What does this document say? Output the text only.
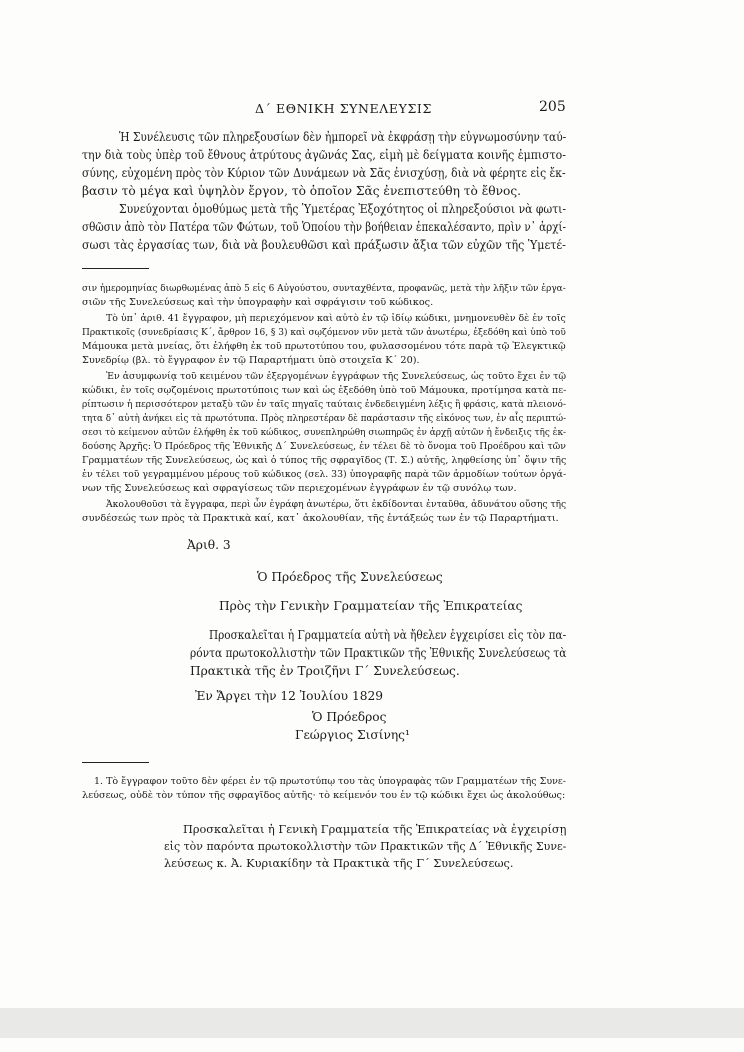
Δ΄ ΕΘΝΙΚΗ ΣΥΝΕΛΕΥΣΙΣ	205
Ἡ Συνέλευσις τῶν πληρεξουσίων δὲν ἠμπορεῖ νὰ ἐκφράσῃ τὴν εὐγνωμοσύνην ταύ-
την διὰ τοὺς ὑπὲρ τοῦ ἔθνους ἀτρύτους ἀγῶνάς Σας, εἰμὴ μὲ δείγματα κοινῆς ἐμπιστο-
σύνης, εὐχομένη πρὸς τὸν Κύριον τῶν Δυνάμεων νὰ Σᾶς ἐνισχύσῃ, διὰ νὰ φέρητε εἰς ἔκ-
βασιν τὸ μέγα καὶ ὑψηλὸν ἔργον, τὸ ὁποῖον Σᾶς ἐνεπιστεύθη τὸ ἔθνος.
Συνεύχονται ὁμοθύμως μετὰ τῆς Ὑμετέρας Ἐξοχότητος οἱ πληρεξούσιοι νὰ φωτι-
σθῶσιν ἀπὸ τὸν Πατέρα τῶν Φώτων, τοῦ Ὁποίου τὴν βοήθειαν ἐπεκαλέσαντο, πρὶν ν᾽ ἀρχί-
σωσι τὰς ἐργασίας των, διὰ νὰ βουλευθῶσι καὶ πράξωσιν ἄξια τῶν εὐχῶν τῆς Ὑμετέ-
σιν ἡμερομηνίας διωρθωμένας ἀπὸ 5 εἰς 6 Αὐγούστου, συνταχθέντα, προφανῶς, μετὰ τὴν λῆξιν τῶν ἐργα-
σιῶν τῆς Συνελεύσεως καὶ τὴν ὑπογραφὴν καὶ σφράγισιν τοῦ κώδικος.
Τὸ ὑπ᾽ ἀριθ. 41 ἔγγραφον, μὴ περιεχόμενον καὶ αὐτὸ ἐν τῷ ἰδίῳ κώδικι, μνημονευθὲν δὲ ἐν τοῖς
Πρακτικοῖς (συνεδρίασις Κ΄, ἄρθρον 16, § 3) καὶ σῳζόμενον νῦν μετὰ τῶν ἀνωτέρω, ἐξεδόθη καὶ ὑπὸ τοῦ
Μάμουκα μετὰ μνείας, ὅτι ἐλήφθη ἐκ τοῦ πρωτοτύπου του, φυλασσομένου τότε παρὰ τῷ Ἐλεγκτικῷ
Συνεδρίῳ (βλ. τὸ ἔγγραφον ἐν τῷ Παραρτήματι ὑπὸ στοιχεῖα Κ΄ 20).
Ἐν ἀσυμφωνίᾳ τοῦ κειμένου τῶν ἐξεργομένων ἐγγράφων τῆς Συνελεύσεως, ὡς τοῦτο ἔχει ἐν τῷ
κώδικι, ἐν τοῖς σῳζομένοις πρωτοτύποις των καὶ ὡς ἐξεδόθη ὑπὸ τοῦ Μάμουκα, προτίμησα κατὰ πε-
ρίπτωσιν ἡ περισσότερον μεταξὺ τῶν ἐν ταῖς πηγαῖς ταύταις ἐνδεδειγμένη λέξις ἢ φράσις, κατὰ πλειονό-
τητα δ᾽ αὐτὴ ἀνήκει εἰς τὰ πρωτότυπα. Πρὸς πληρεστέραν δὲ παράστασιν τῆς εἰκόνος των, ἐν αἷς περιπτώ-
σεσι τὸ κείμενον αὐτῶν ἐλήφθη ἐκ τοῦ κώδικος, συνεπληρώθη σιωπηρῶς ἐν ἀρχῇ αὐτῶν ἡ ἔνδειξις τῆς ἐκ-
δούσης Ἀρχῆς: Ὁ Πρόεδρος τῆς Ἐθνικῆς Δ΄ Συνελεύσεως, ἐν τέλει δὲ τὸ ὄνομα τοῦ Προέδρου καὶ τῶν
Γραμματέων τῆς Συνελεύσεως, ὡς καὶ ὁ τύπος τῆς σφραγῖδος (Τ. Σ.) αὐτῆς, ληφθείσης ὑπ᾽ ὄψιν τῆς
ἐν τέλει τοῦ γεγραμμένου μέρους τοῦ κώδικος (σελ. 33) ὑπογραφῆς παρὰ τῶν ἁρμοδίων τούτων ὀργά-
νων τῆς Συνελεύσεως καὶ σφραγίσεως τῶν περιεχομένων ἐγγράφων ἐν τῷ συνόλῳ των.
Ἀκολουθοῦσι τὰ ἔγγραφα, περὶ ὧν ἐγράφη ἀνωτέρω, ὅτι ἐκδίδονται ἐνταῦθα, ἀδυνάτου οὔσης τῆς
συνδέσεώς των πρὸς τὰ Πρακτικὰ καί, κατ᾽ ἀκολουθίαν, τῆς ἐντάξεώς των ἐν τῷ Παραρτήματι.
Ἀριθ. 3
Ὁ Πρόεδρος τῆς Συνελεύσεως
Πρὸς τὴν Γενικὴν Γραμματείαν τῆς Ἐπικρατείας
Προσκαλεῖται ἡ Γραμματεία αὐτὴ νὰ ἤθελεν ἐγχειρίσει εἰς τὸν πα-
ρόντα πρωτοκολλιστὴν τῶν Πρακτικῶν τῆς Ἐθνικῆς Συνελεύσεως τὰ
Πρακτικὰ τῆς ἐν Τροιζῆνι Γ΄ Συνελεύσεως.
Ἐν Ἄργει τὴν 12 Ἰουλίου 1829
Ὁ Πρόεδρος
Γεώργιος Σισίνης¹
1. Τὸ ἔγγραφον τοῦτο δὲν φέρει ἐν τῷ πρωτοτύπῳ του τὰς ὑπογραφὰς τῶν Γραμματέων τῆς Συνε-
λεύσεως, οὐδὲ τὸν τύπον τῆς σφραγῖδος αὐτῆς· τὸ κείμενόν του ἐν τῷ κώδικι ἔχει ὡς ἀκολούθως:
Προσκαλεῖται ἡ Γενικὴ Γραμματεία τῆς Ἐπικρατείας νὰ ἐγχειρίσῃ
εἰς τὸν παρόντα πρωτοκολλιστὴν τῶν Πρακτικῶν τῆς Δ΄ Ἐθνικῆς Συνε-
λεύσεως κ. Ἀ. Κυριακίδην τὰ Πρακτικὰ τῆς Γ΄ Συνελεύσεως.
